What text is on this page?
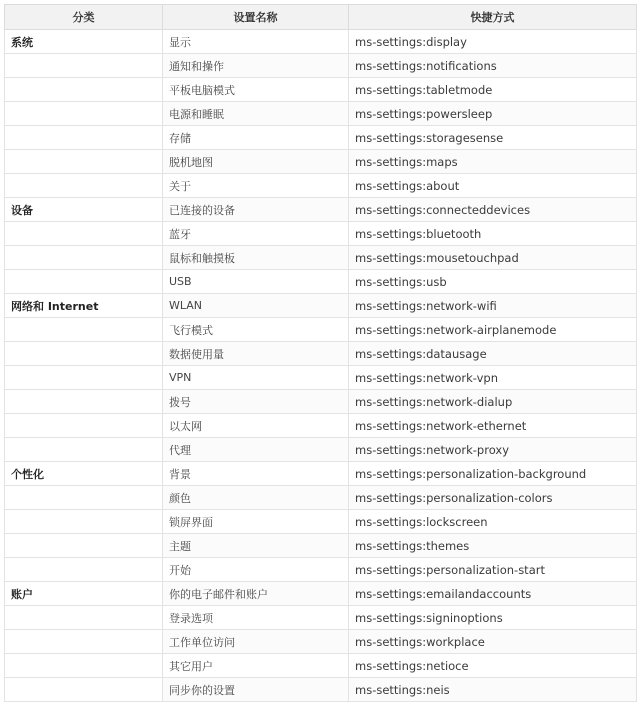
分类	设置名称	快捷方式
系统	显示	ms-settings:display
	通知和操作	ms-settings:notifications
	平板电脑模式	ms-settings:tabletmode
	电源和睡眠	ms-settings:powersleep
	存储	ms-settings:storagesense
	脱机地图	ms-settings:maps
	关于	ms-settings:about
设备	已连接的设备	ms-settings:connecteddevices
	蓝牙	ms-settings:bluetooth
	鼠标和触摸板	ms-settings:mousetouchpad
	USB	ms-settings:usb
网络和 Internet	WLAN	ms-settings:network-wifi
	飞行模式	ms-settings:network-airplanemode
	数据使用量	ms-settings:datausage
	VPN	ms-settings:network-vpn
	拨号	ms-settings:network-dialup
	以太网	ms-settings:network-ethernet
	代理	ms-settings:network-proxy
个性化	背景	ms-settings:personalization-background
	颜色	ms-settings:personalization-colors
	锁屏界面	ms-settings:lockscreen
	主题	ms-settings:themes
	开始	ms-settings:personalization-start
账户	你的电子邮件和账户	ms-settings:emailandaccounts
	登录选项	ms-settings:signinoptions
	工作单位访问	ms-settings:workplace
	其它用户	ms-settings:netioce
	同步你的设置	ms-settings:neis
